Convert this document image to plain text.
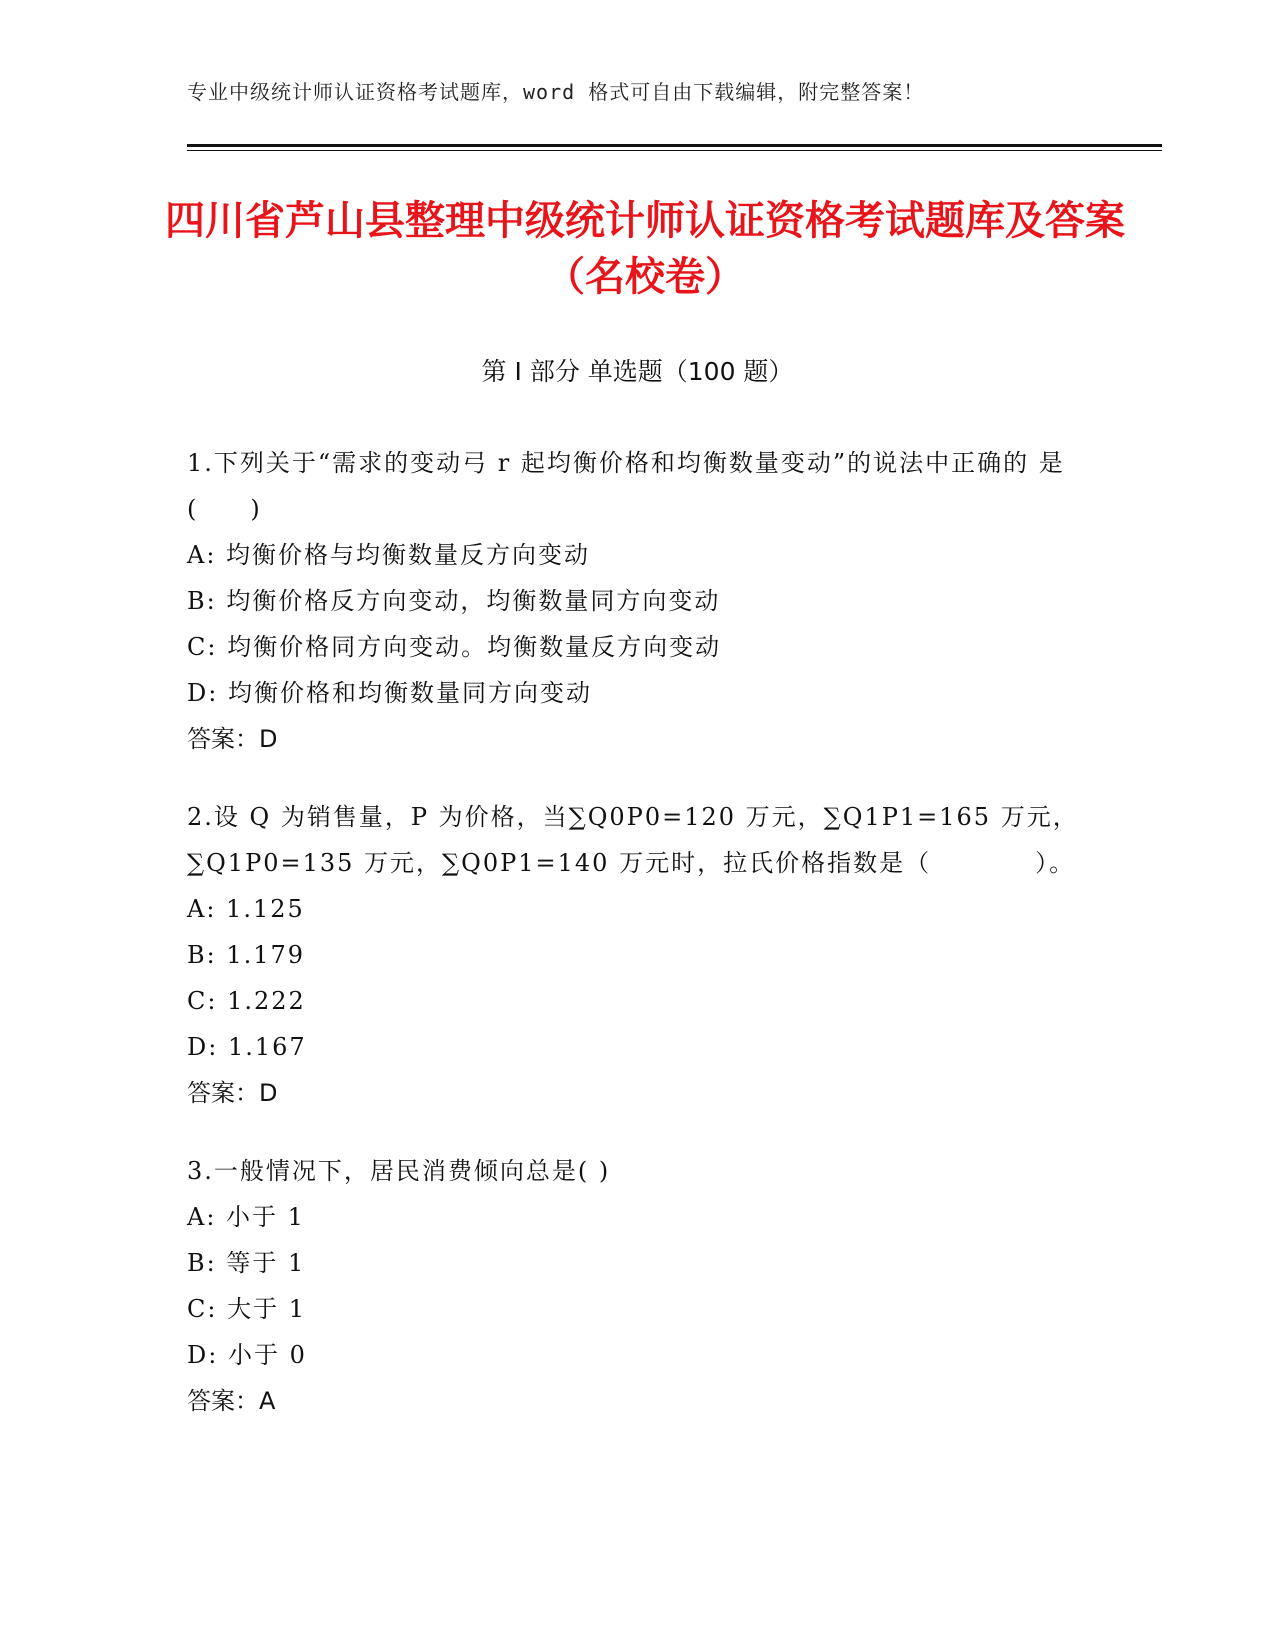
专业中级统计师认证资格考试题库，word 格式可自由下载编辑，附完整答案！
四川省芦山县整理中级统计师认证资格考试题库及答案（名校卷）
第 I 部分 单选题（100 题）

1.下列关于“需求的变动弓 r 起均衡价格和均衡数量变动”的说法中正确的 是(　　)

A: 均衡价格与均衡数量反方向变动

B: 均衡价格反方向变动，均衡数量同方向变动

C: 均衡价格同方向变动。均衡数量反方向变动

D: 均衡价格和均衡数量同方向变动

答案：D

2.设 Q 为销售量，P 为价格，当∑Q0P0=120 万元，∑Q1P1=165 万元，∑Q1P0=135 万元，∑Q0P1=140 万元时，拉氏价格指数是（　　　　）。

A: 1.125

B: 1.179

C: 1.222

D: 1.167

答案：D

3.一般情况下，居民消费倾向总是( )

A: 小于 1

B: 等于 1

C: 大于 1

D: 小于 0

答案：A
